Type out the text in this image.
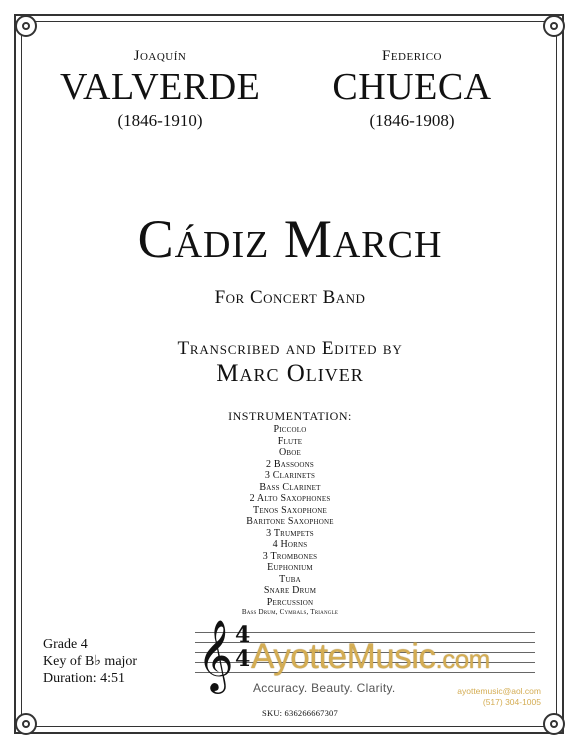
Joaquín
VALVERDE
(1846-1910)
Federico
CHUECA
(1846-1908)
Cádiz March
For Concert Band
Transcribed and Edited by
Marc Oliver
INSTRUMENTATION:
Piccolo
Flute
Oboe
2 Bassoons
3 Clarinets
Bass Clarinet
2 Alto Saxophones
Tenos Saxophone
Baritone Saxophone
3 Trumpets
4 Horns
3 Trombones
Euphonium
Tuba
Snare Drum
Percussion
Bass Drum, Cymbals, Triangle
Grade 4
Key of B♭ major
Duration: 4:51 𝄞 4
4 AyotteMusic.com
Accuracy. Beauty. Clarity.	ayottemusic@aol.com
(517) 304-1005
SKU: 636266667307
